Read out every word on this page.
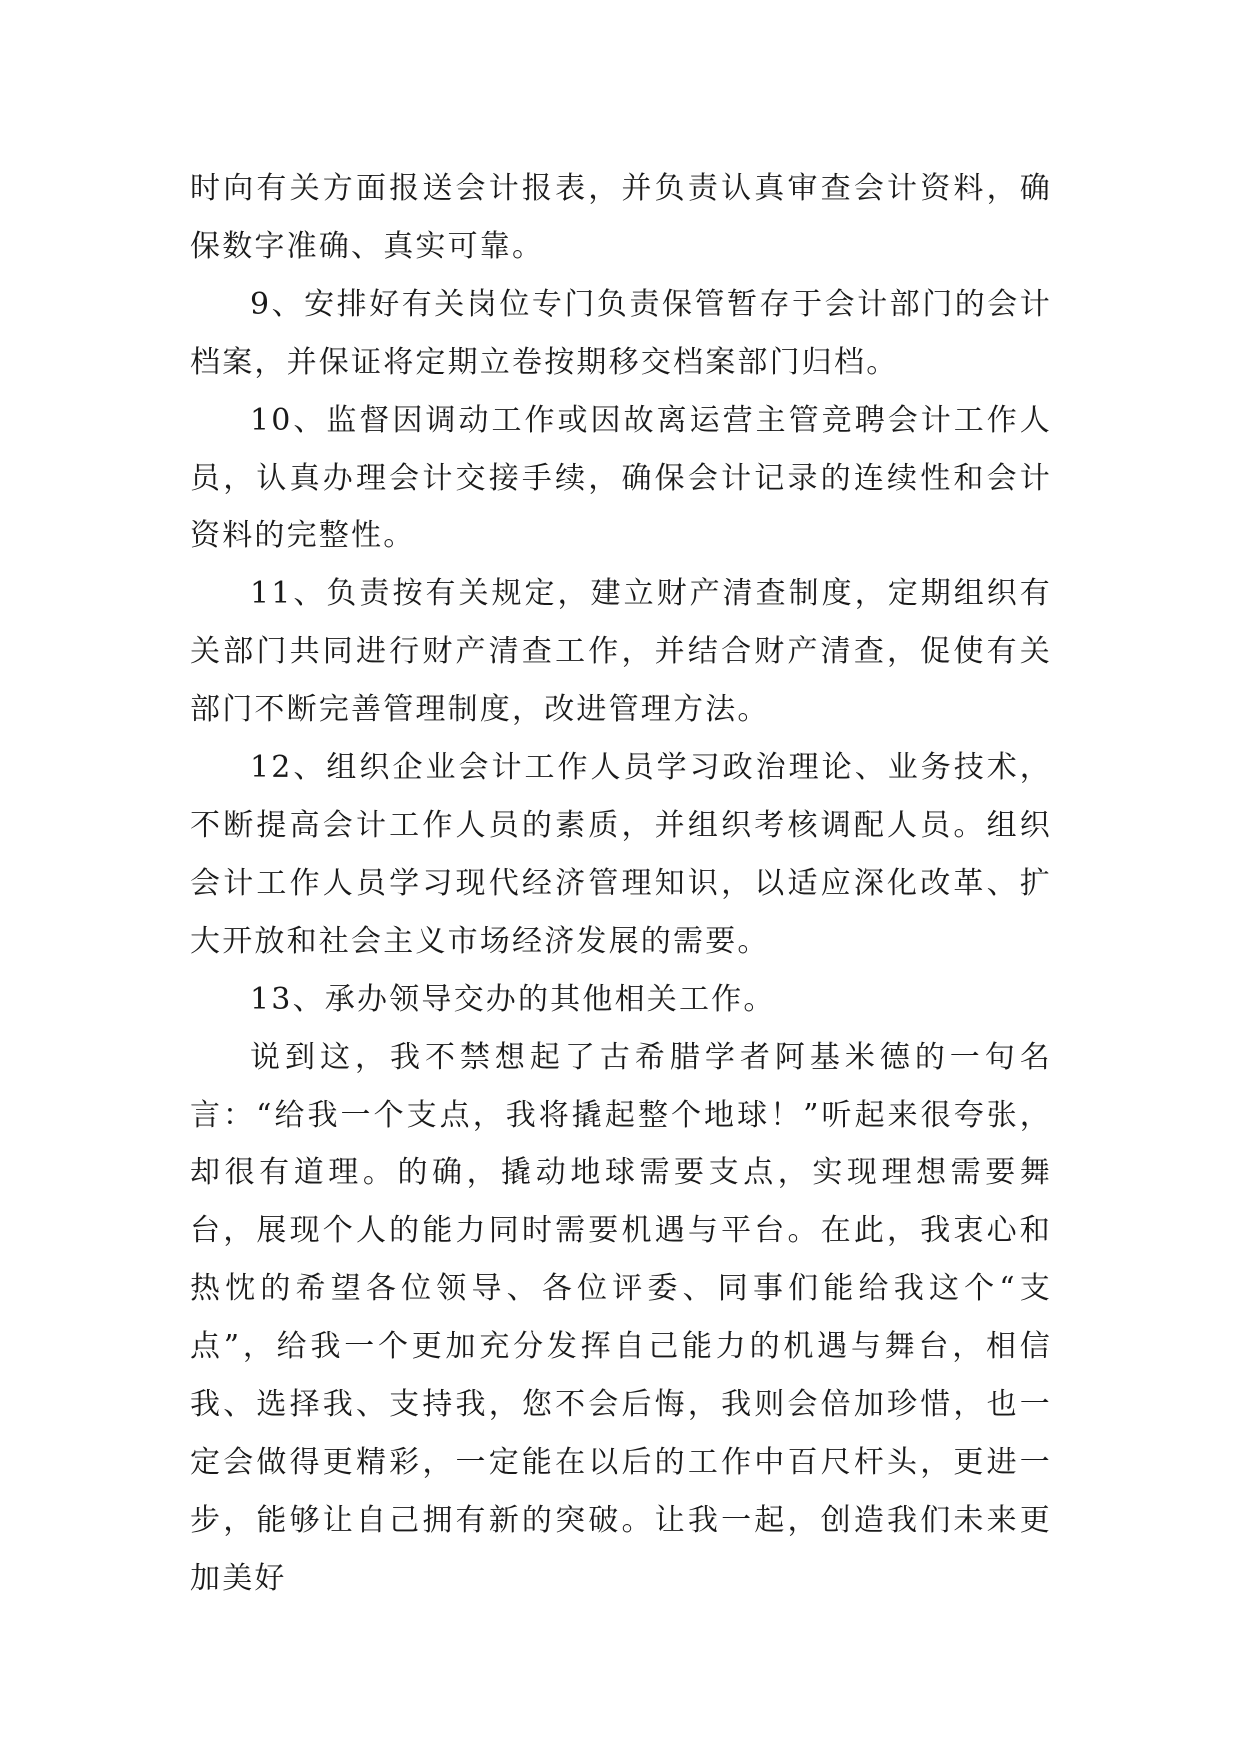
时向有关方面报送会计报表，并负责认真审查会计资料，确保数字准确、真实可靠。

9、安排好有关岗位专门负责保管暂存于会计部门的会计档案，并保证将定期立卷按期移交档案部门归档。

10、监督因调动工作或因故离运营主管竞聘会计工作人员，认真办理会计交接手续，确保会计记录的连续性和会计资料的完整性。

11、负责按有关规定，建立财产清查制度，定期组织有关部门共同进行财产清查工作，并结合财产清查，促使有关部门不断完善管理制度，改进管理方法。

12、组织企业会计工作人员学习政治理论、业务技术，不断提高会计工作人员的素质，并组织考核调配人员。组织会计工作人员学习现代经济管理知识，以适应深化改革、扩大开放和社会主义市场经济发展的需要。

13、承办领导交办的其他相关工作。

说到这，我不禁想起了古希腊学者阿基米德的一句名言：“给我一个支点，我将撬起整个地球！”听起来很夸张，却很有道理。的确，撬动地球需要支点，实现理想需要舞台，展现个人的能力同时需要机遇与平台。在此，我衷心和热忱的希望各位领导、各位评委、同事们能给我这个“支点”，给我一个更加充分发挥自己能力的机遇与舞台，相信我、选择我、支持我，您不会后悔，我则会倍加珍惜，也一定会做得更精彩，一定能在以后的工作中百尺杆头，更进一步，能够让自己拥有新的突破。让我一起，创造我们未来更加美好
